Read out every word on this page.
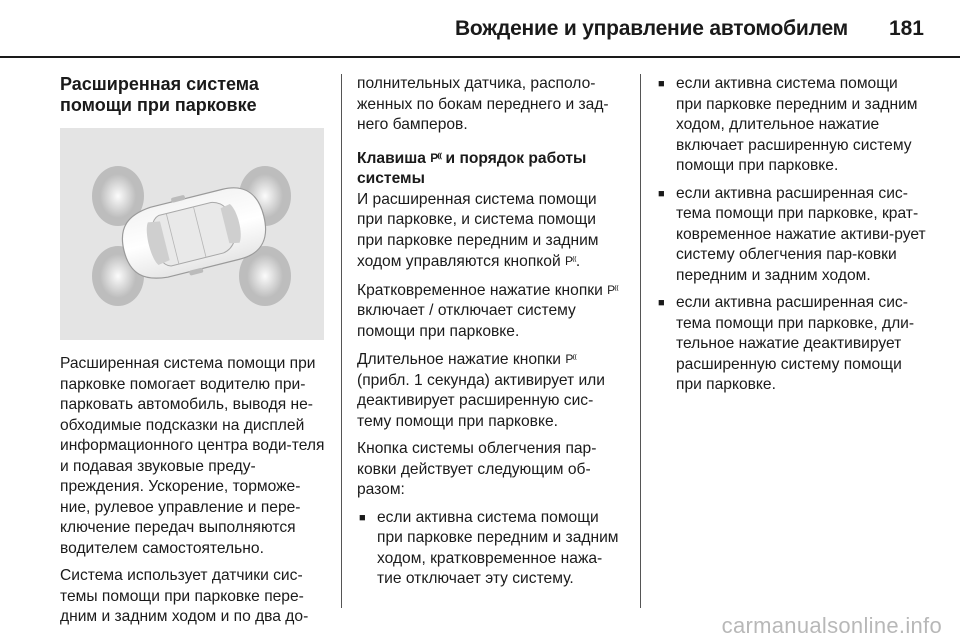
Вождение и управление автомобилем 181
Расширенная система помощи при парковке

Расширенная система помощи при парковке помогает водителю при-парковать автомобиль, выводя не-обходимые подсказки на дисплей информационного центра води-теля и подавая звуковые преду-преждения. Ускорение, торможе-ние, рулевое управление и пере-ключение передач выполняются водителем самостоятельно.

Система использует датчики сис-темы помощи при парковке пере-дним и задним ходом и по два до-

полнительных датчика, располо-женных по бокам переднего и зад-него бамперов.

Клавиша P⁽⁽ и порядок работы системы

И расширенная система помощи при парковке, и система помощи при парковке передним и задним ходом управляются кнопкой P⁽⁽.

Кратковременное нажатие кнопки P⁽⁽ включает / отключает систему помощи при парковке.

Длительное нажатие кнопки P⁽⁽ (прибл. 1 секунда) активирует или деактивирует расширенную сис-тему помощи при парковке.

Кнопка системы облегчения пар-ковки действует следующим об-разом:

■ если активна система помощи при парковке передним и задним ходом, кратковременное нажа-тие отключает эту систему.
■ если активна система помощи при парковке передним и задним ходом, длительное нажатие включает расширенную систему помощи при парковке.
■ если активна расширенная сис-тема помощи при парковке, крат-ковременное нажатие активи-рует систему облегчения пар-ковки передним и задним ходом.
■ если активна расширенная сис-тема помощи при парковке, дли-тельное нажатие деактивирует расширенную систему помощи при парковке.
carmanualsonline.info
